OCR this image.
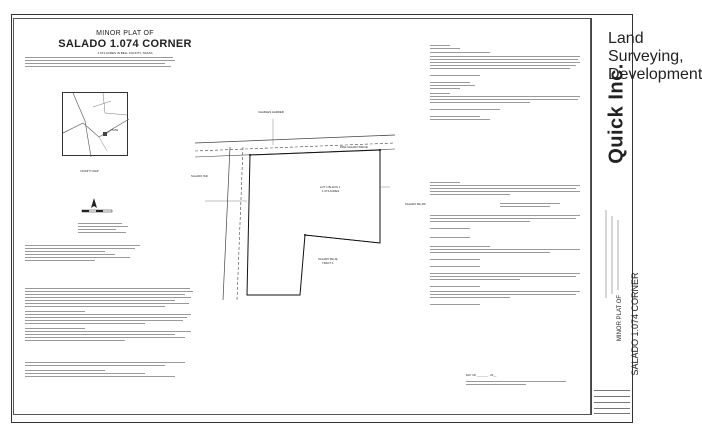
MINOR PLAT OF
SALADO 1.074 CORNER
1.074 ACRES IN BELL COUNTY, TEXAS
SITE
VICINITY MAP
CHARLES HARDER
PIKE SALADO DRIVE
LOT 1 BLOCK 1
1.074 ACRES
SALADO BLUFF
SALADO ISD
SALADO BLUE
TRACT 1
DAY OF _______ , 20__
Quick Inc.
Land Surveying, Development
MINOR PLAT OF SALADO 1.074 CORNER
